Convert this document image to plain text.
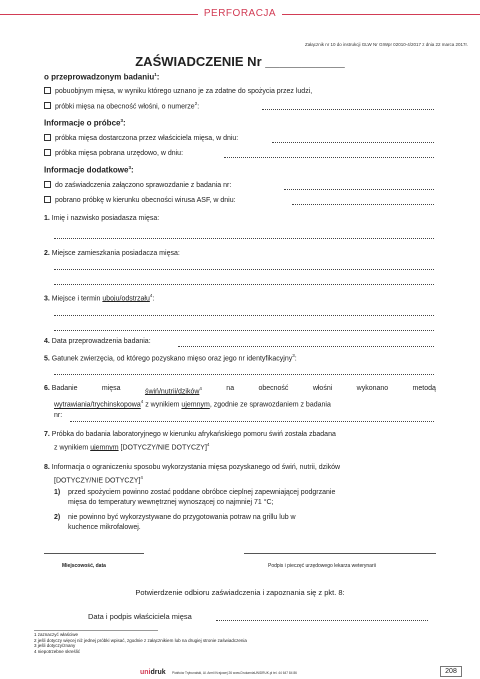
PERFORACJA
Załącznik nr 10 do instrukcji GLW Nr GIWpr 02010-4/2017 z dnia 22 marca 2017r.
ZAŚWIADCZENIE Nr ___________
o przeprowadzonym badaniu$^1$:
pobuobjnym mięsa, w wyniku którego uznano je za zdatne do spożycia przez ludzi,
próbki mięsa na obecność włośni, o numerze$^2$:
Informacje o próbce$^3$:
próbka mięsa dostarczona przez właściciela mięsa, w dniu:
próbka mięsa pobrana urzędowo, w dniu:
Informacje dodatkowe$^3$:
do zaświadczenia załączono sprawozdanie z badania nr:
pobrano próbkę w kierunku obecności wirusa ASF, w dniu:
1. Imię i nazwisko posiadasza mięsa:
2. Miejsce zamieszkania posiadacza mięsa:
3. Miejsce i termin uboju/odstrzału$^4$:
4. Data przeprowadzenia badania:
5. Gatunek zwierzęcia, od którego pozyskano mięso oraz jego nr identyfikacyjny$^3$:
6. Badanie	mięsa	świń/nutrii/dzików$^4$	na	obecność	włośni	wykonano	metodą
wytrawiania/trychinskopowa$^4$ z wynikiem ujemnym, zgodnie ze sprawozdaniem z badania
nr:
7. Próbka do badania laboratoryjnego w kierunku afrykańskiego pomoru świń została zbadana
z wynikiem ujemnym [DOTYCZY/NIE DOTYCZY]$^4$
8. Informacja o ograniczeniu sposobu wykorzystania mięsa pozyskanego od świń, nutrii, dzików
[DOTYCZY/NIE DOTYCZY]$^4$
1) przed spożyciem powinno zostać poddane obróbce cieplnej zapewniającej podgrzanie
mięsa do temperatury wewnętrznej wynoszącej co najmniej 71 °C;
2) nie powinno być wykorzystywane do przygotowania potraw na grillu lub w
kuchence mikrofalowej.
Miejscowość, data	Podpis i pieczęć urzędowego lekarza weterynarii
Potwierdzenie odbioru zaświadczenia i zapoznania się z pkt. 8:
Data i podpis właściciela mięsa
1 zaznaczyć właściwe
2 jeśli dotyczy więcej niż jednej próbki wpisać, zgodnie z załącznikiem lub na drugiej stronie zaświadczenia
3 jeśli dotyczy/znany
4 niepotrzebne skreślić
unidruk Piotrków Trybunalski, Al. Armii Krajowej 26 www.DrukarniaUNIDRUK.pl tel. 44 647 84 86	208
